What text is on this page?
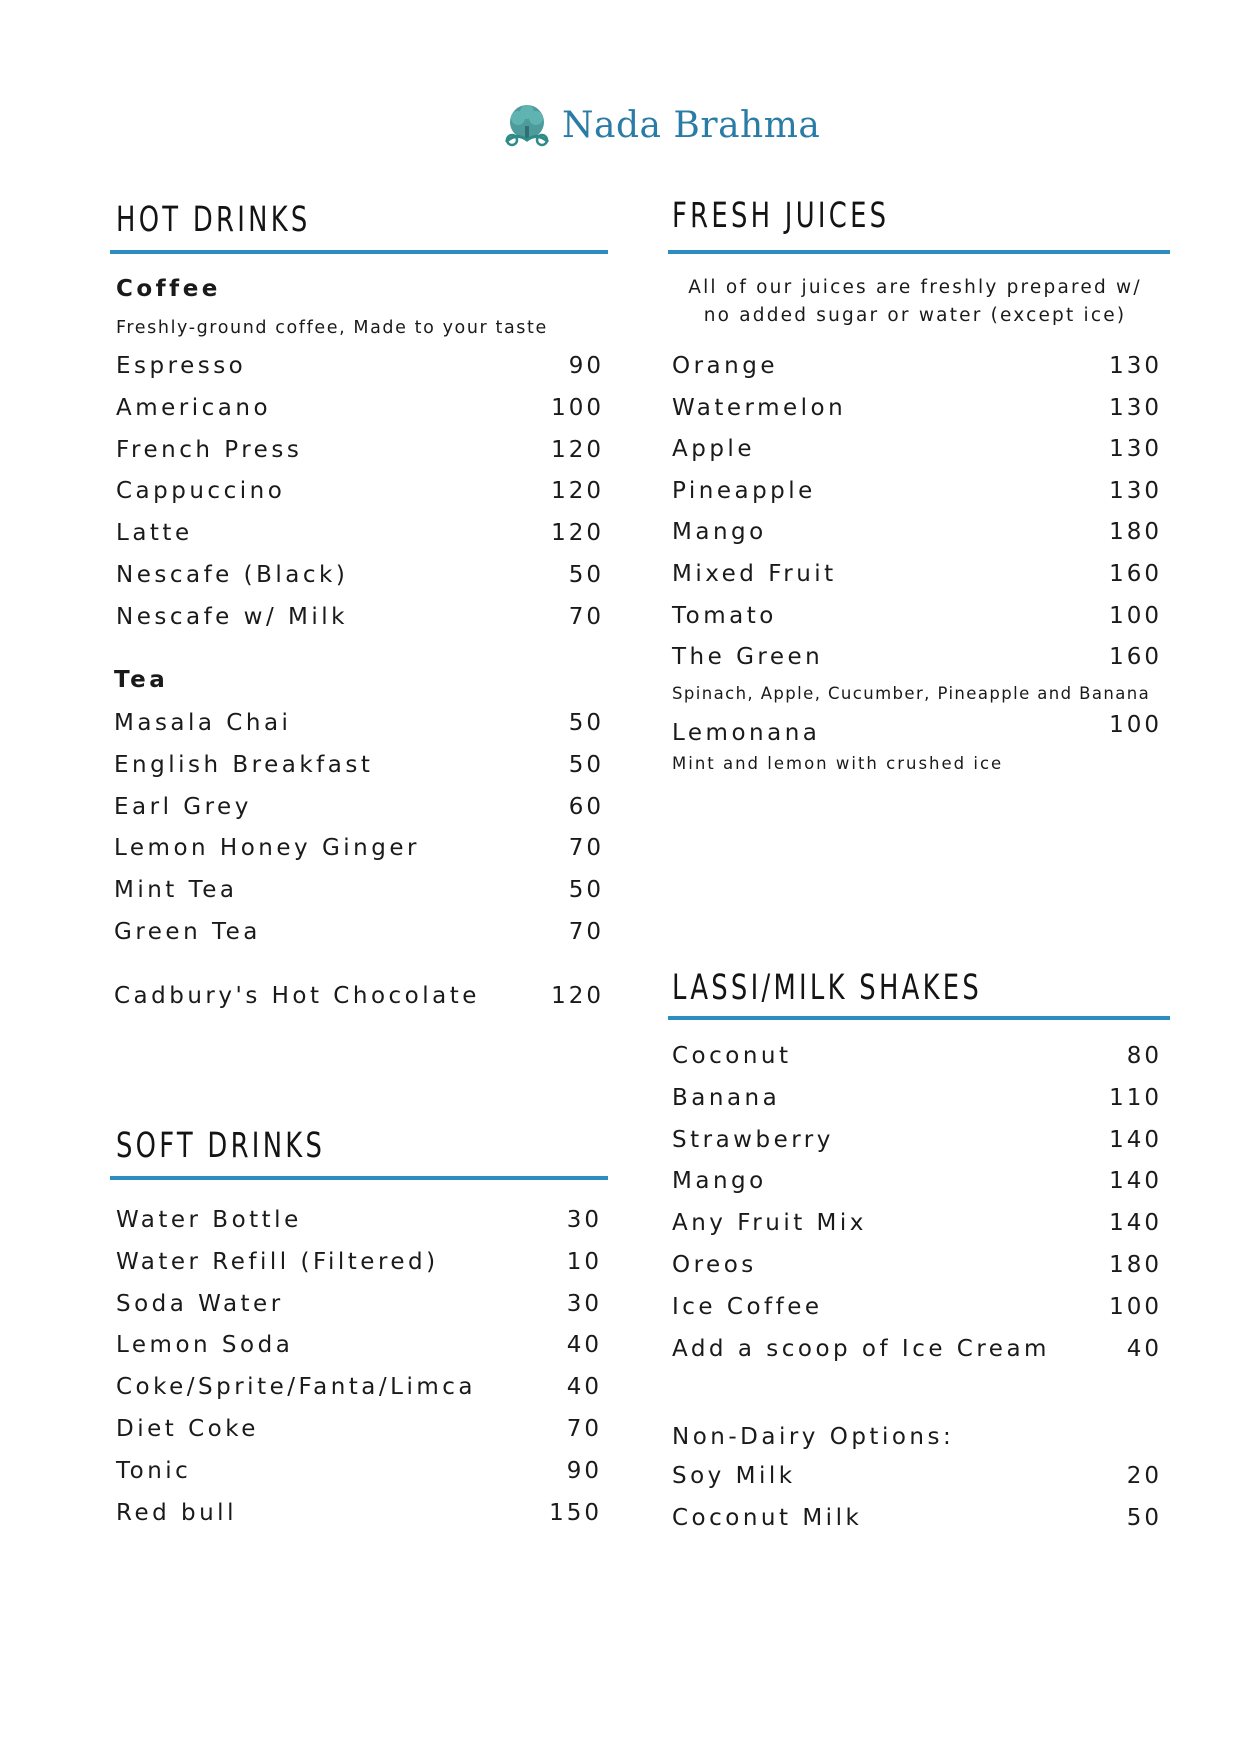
Nada Brahma
HOT DRINKS
Coffee
Freshly-ground coffee, Made to your taste
Espresso	90
Americano	100
French Press	120
Cappuccino	120
Latte	120
Nescafe (Black)	50
Nescafe w/ Milk	70
Tea
Masala Chai	50
English Breakfast	50
Earl Grey	60
Lemon Honey Ginger	70
Mint Tea	50
Green Tea	70
Cadbury's Hot Chocolate	120
SOFT DRINKS
Water Bottle	30
Water Refill (Filtered)	10
Soda Water	30
Lemon Soda	40
Coke/Sprite/Fanta/Limca	40
Diet Coke	70
Tonic	90
Red bull	150
FRESH JUICES
All of our juices are freshly prepared w/ no added sugar or water (except ice)
Orange	130
Watermelon	130
Apple	130
Pineapple	130
Mango	180
Mixed Fruit	160
Tomato	100
The Green	160
Spinach, Apple, Cucumber, Pineapple and Banana
Lemonana	100
Mint and lemon with crushed ice
LASSI/MILK SHAKES
Coconut	80
Banana	110
Strawberry	140
Mango	140
Any Fruit Mix	140
Oreos	180
Ice Coffee	100
Add a scoop of Ice Cream	40
Non-Dairy Options:
Soy Milk	20
Coconut Milk	50
